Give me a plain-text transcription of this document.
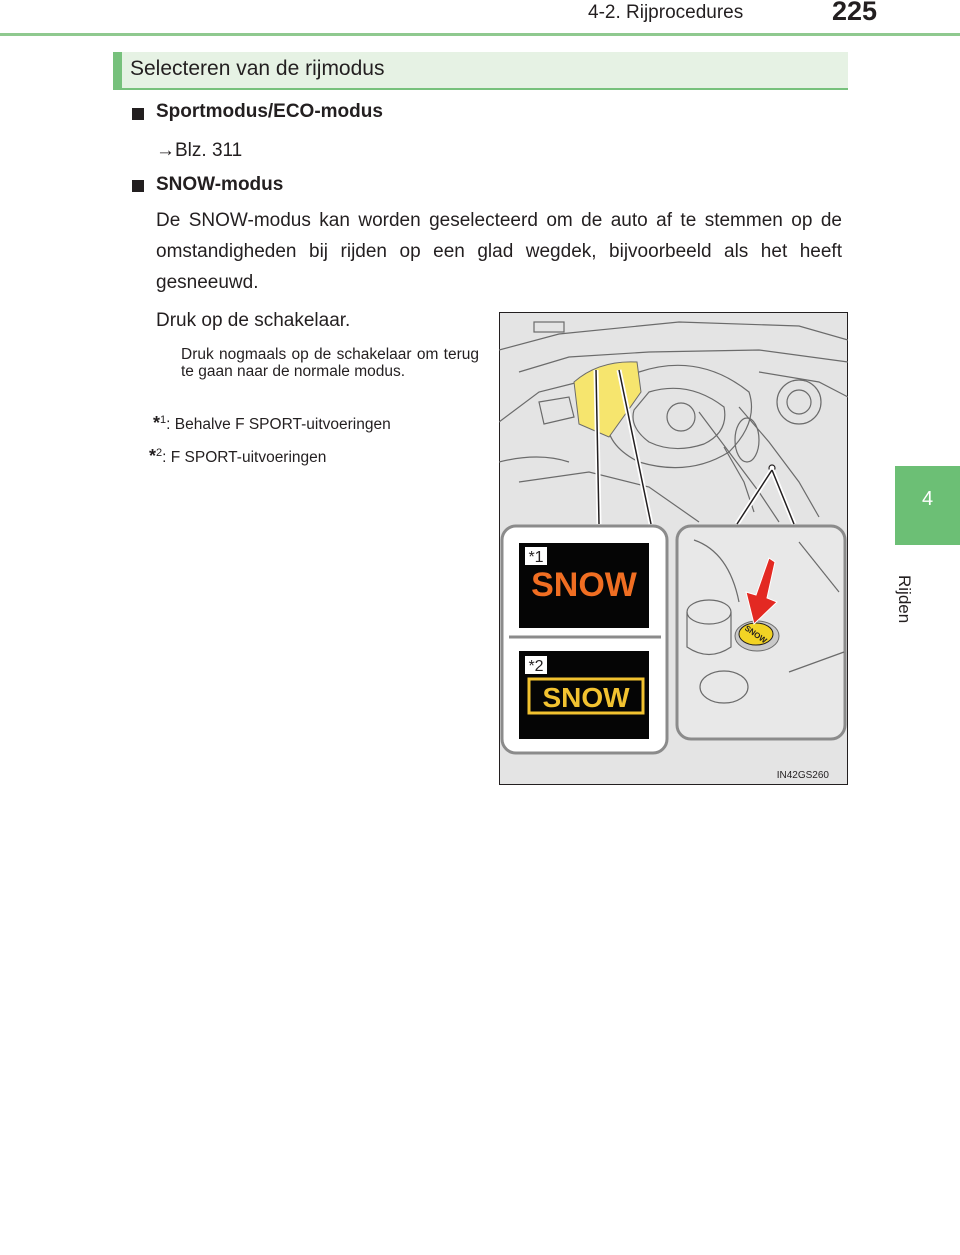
4-2. Rijprocedures	225
4
Rijden
Selecteren van de rijmodus
Sportmodus/ECO-modus
→Blz. 311
SNOW-modus
De SNOW-modus kan worden geselecteerd om de auto af te stemmen op de omstandigheden bij rijden op een glad wegdek, bijvoorbeeld als het heeft gesneeuwd.
Druk op de schakelaar.
Druk nogmaals op de schakelaar om terug te gaan naar de normale modus.
*$^1$: Behalve F SPORT-uitvoeringen
*$^2$: F SPORT-uitvoeringen
SNOW
*1
SNOW
*2
SNOW
IN42GS260
